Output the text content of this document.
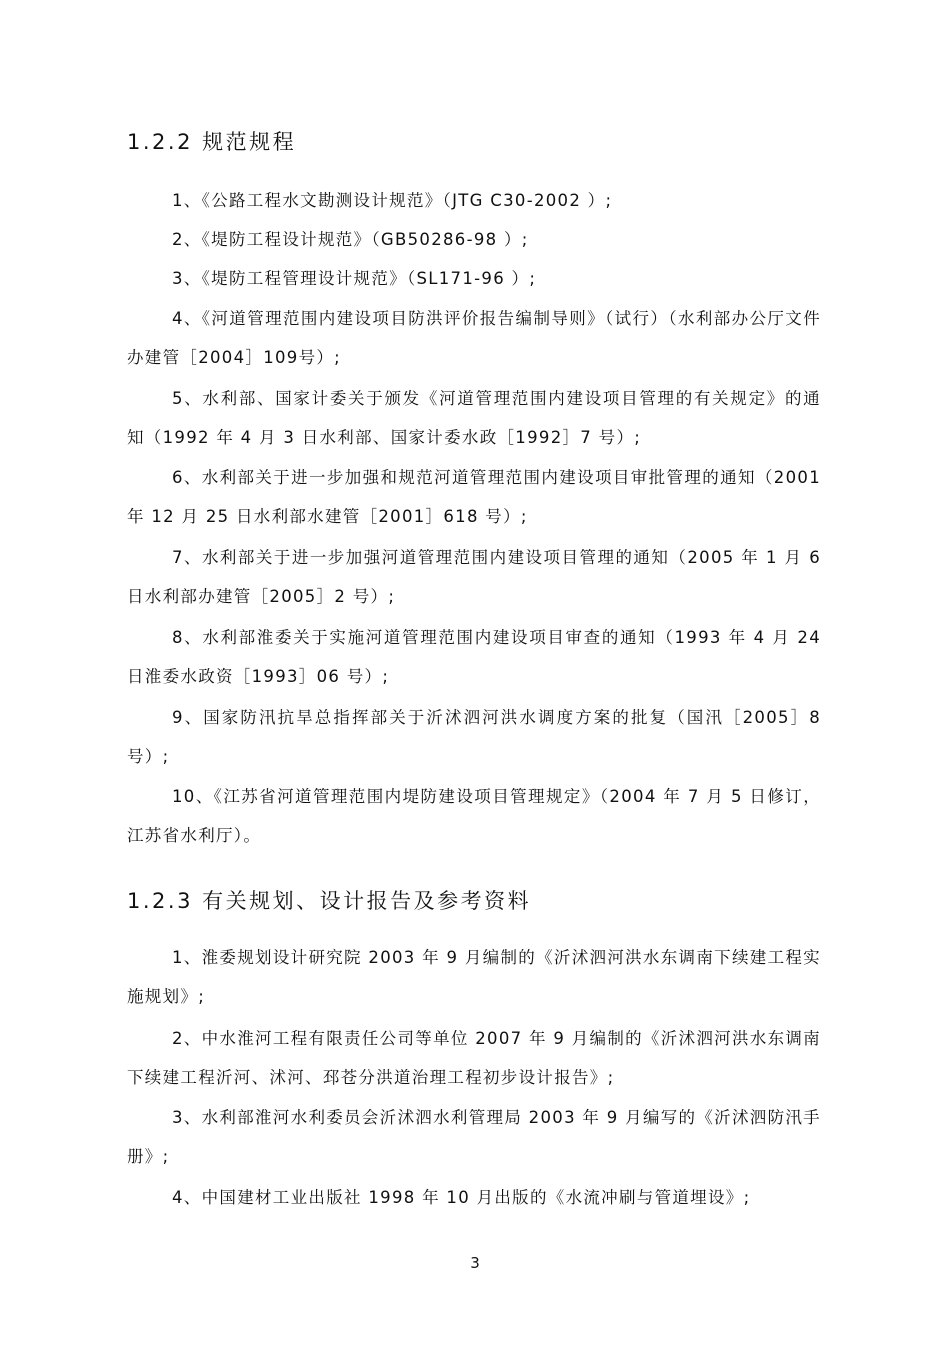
1.2.2 规范规程

1、《公路工程水文勘测设计规范》（JTG C30-2002 ）;

2、《堤防工程设计规范》（GB50286-98 ）;

3、《堤防工程管理设计规范》（SL171-96 ）;

4、《河道管理范围内建设项目防洪评价报告编制导则》（试行）（水利部办公厅文件办建管［2004］109号）;

5、水利部、国家计委关于颁发《河道管理范围内建设项目管理的有关规定》的通知（1992 年 4 月 3 日水利部、国家计委水政［1992］7 号）;

6、水利部关于进一步加强和规范河道管理范围内建设项目审批管理的通知（2001 年 12 月 25 日水利部水建管［2001］618 号）;

7、水利部关于进一步加强河道管理范围内建设项目管理的通知（2005 年 1 月 6 日水利部办建管［2005］2 号）;

8、水利部淮委关于实施河道管理范围内建设项目审查的通知（1993 年 4 月 24 日淮委水政资［1993］06 号）;

9、国家防汛抗旱总指挥部关于沂沭泗河洪水调度方案的批复（国汛［2005］8 号）;

10、《江苏省河道管理范围内堤防建设项目管理规定》（2004 年 7 月 5 日修订，江苏省水利厅）。

1.2.3 有关规划、设计报告及参考资料

1、淮委规划设计研究院 2003 年 9 月编制的《沂沭泗河洪水东调南下续建工程实施规划》;

2、中水淮河工程有限责任公司等单位 2007 年 9 月编制的《沂沭泗河洪水东调南下续建工程沂河、沭河、邳苍分洪道治理工程初步设计报告》;

3、水利部淮河水利委员会沂沭泗水利管理局 2003 年 9 月编写的《沂沭泗防汛手册》;

4、中国建材工业出版社 1998 年 10 月出版的《水流冲刷与管道埋设》;

3
